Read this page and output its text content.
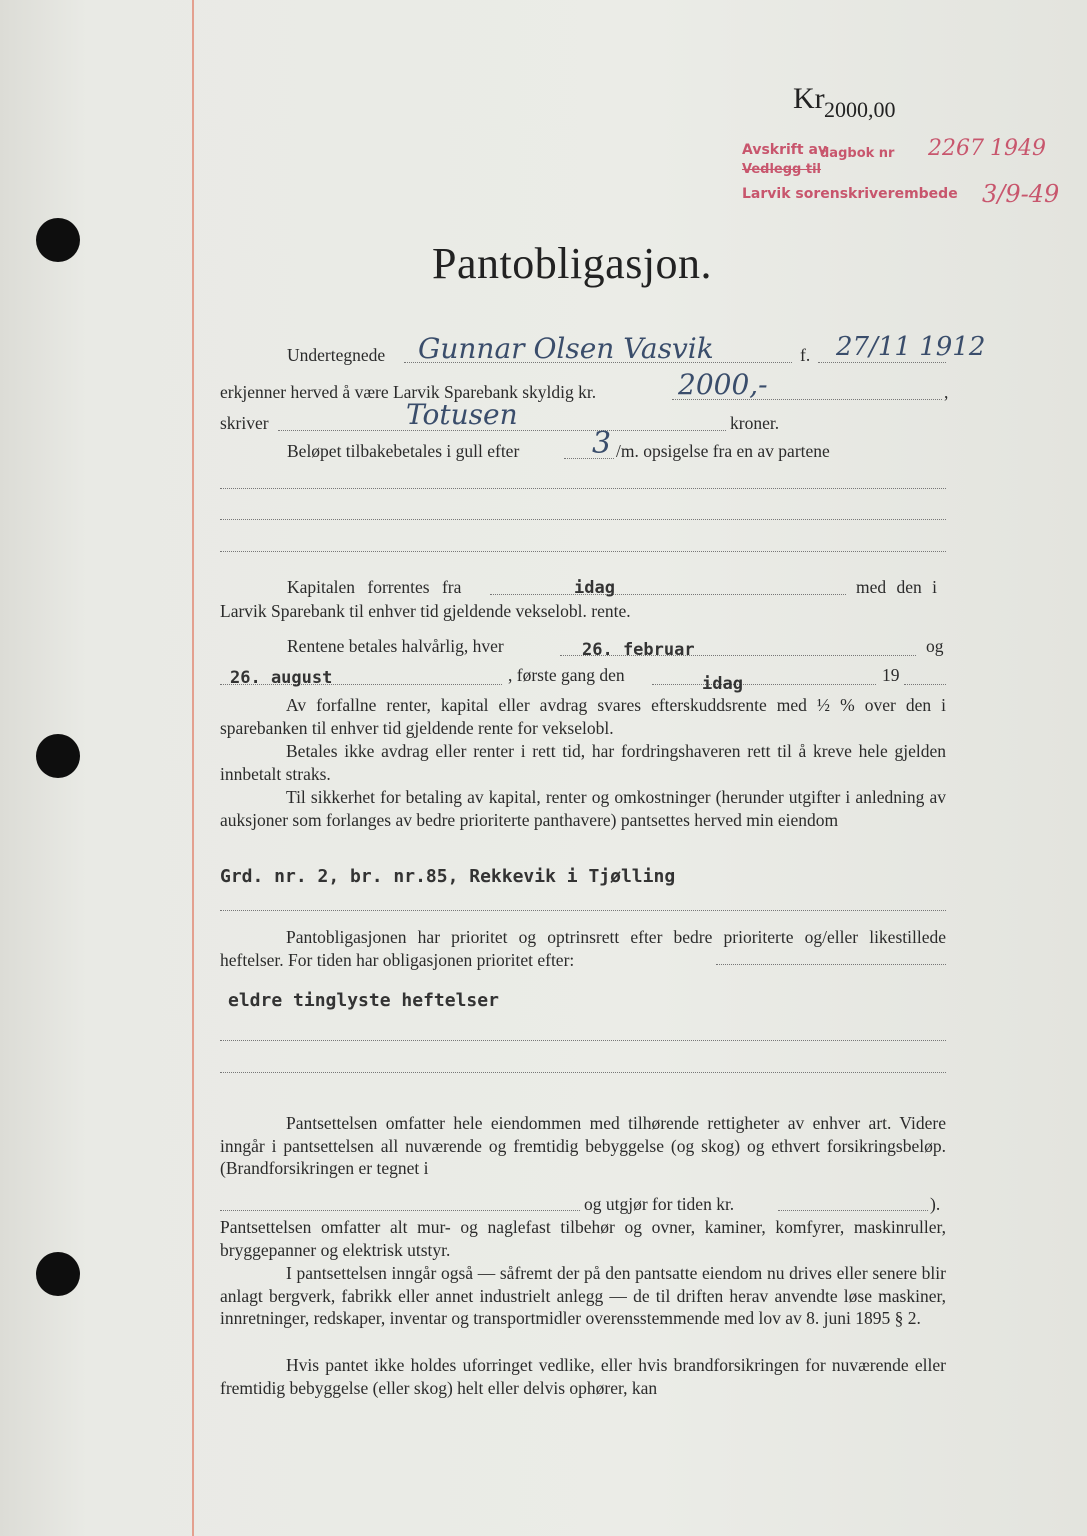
Kr 2000,00
Avskrift av
dagbok nr 2267 1949
Vedlegg til
Larvik sorenskriverembede 3/9-49
Pantobligasjon.
Undertegnede Gunnar Olsen Vasvik	f. 27/11 1912
erkjenner herved å være Larvik Sparebank skyldig kr.	2000,-	,
skriver	Totusen	kroner.
Beløpet tilbakebetales i gull efter 3 /m. opsigelse fra en av partene
Kapitalen forrentes fra	idag	med den i
Larvik Sparebank til enhver tid gjeldende vekselobl. rente.
Rentene betales halvårlig, hver	26. februar	og
26. august	, første gang den	idag	19

Av forfallne renter, kapital eller avdrag svares efterskuddsrente med ½ % over den i sparebanken til enhver tid gjeldende rente for vekselobl.

Betales ikke avdrag eller renter i rett tid, har fordringshaveren rett til å kreve hele gjelden innbetalt straks.

Til sikkerhet for betaling av kapital, renter og omkostninger (herunder utgifter i anledning av auksjoner som forlanges av bedre prioriterte panthavere) pantsettes herved min eiendom

Grd. nr. 2, br. nr.85, Rekkevik i Tjølling

Pantobligasjonen har prioritet og optrinsrett efter bedre prioriterte og/eller likestillede heftelser. For tiden har obligasjonen prioritet efter:

eldre tinglyste heftelser

Pantsettelsen omfatter hele eiendommen med tilhørende rettigheter av enhver art. Videre inngår i pantsettelsen all nuværende og fremtidig bebyggelse (og skog) og ethvert forsikringsbeløp. (Brandforsikringen er tegnet i

og utgjør for tiden kr.	).

Pantsettelsen omfatter alt mur- og naglefast tilbehør og ovner, kaminer, komfyrer, maskinruller, bryggepanner og elektrisk utstyr.

I pantsettelsen inngår også — såfremt der på den pantsatte eiendom nu drives eller senere blir anlagt bergverk, fabrikk eller annet industrielt anlegg — de til driften herav anvendte løse maskiner, innretninger, redskaper, inventar og transportmidler overensstemmende med lov av 8. juni 1895 § 2.

Hvis pantet ikke holdes uforringet vedlike, eller hvis brandforsikringen for nuværende eller fremtidig bebyggelse (eller skog) helt eller delvis ophører, kan
